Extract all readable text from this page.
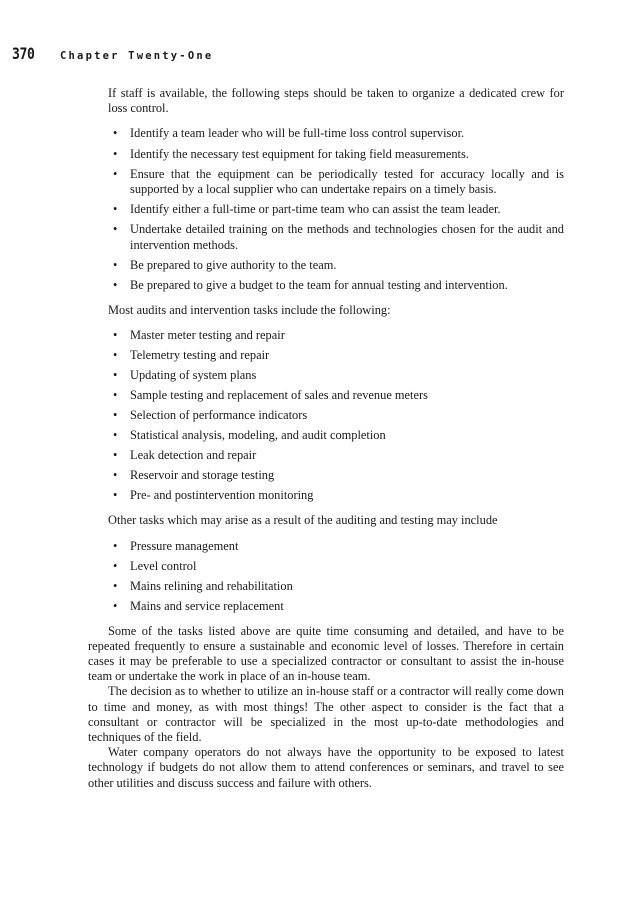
370	Chapter Twenty-One

If staff is available, the following steps should be taken to organize a dedicated crew for loss control.

• Identify a team leader who will be full-time loss control supervisor.
• Identify the necessary test equipment for taking field measurements.
• Ensure that the equipment can be periodically tested for accuracy locally and is supported by a local supplier who can undertake repairs on a timely basis.
• Identify either a full-time or part-time team who can assist the team leader.
• Undertake detailed training on the methods and technologies chosen for the audit and intervention methods.
• Be prepared to give authority to the team.
• Be prepared to give a budget to the team for annual testing and intervention.

Most audits and intervention tasks include the following:

• Master meter testing and repair
• Telemetry testing and repair
• Updating of system plans
• Sample testing and replacement of sales and revenue meters
• Selection of performance indicators
• Statistical analysis, modeling, and audit completion
• Leak detection and repair
• Reservoir and storage testing
• Pre- and postintervention monitoring

Other tasks which may arise as a result of the auditing and testing may include

• Pressure management
• Level control
• Mains relining and rehabilitation
• Mains and service replacement

Some of the tasks listed above are quite time consuming and detailed, and have to be repeated frequently to ensure a sustainable and economic level of losses. Therefore in certain cases it may be preferable to use a specialized contractor or consultant to assist the in-house team or undertake the work in place of an in-house team.

The decision as to whether to utilize an in-house staff or a contractor will really come down to time and money, as with most things! The other aspect to consider is the fact that a consultant or contractor will be specialized in the most up-to-date methodologies and techniques of the field.

Water company operators do not always have the opportunity to be exposed to latest technology if budgets do not allow them to attend conferences or seminars, and travel to see other utilities and discuss success and failure with others.
